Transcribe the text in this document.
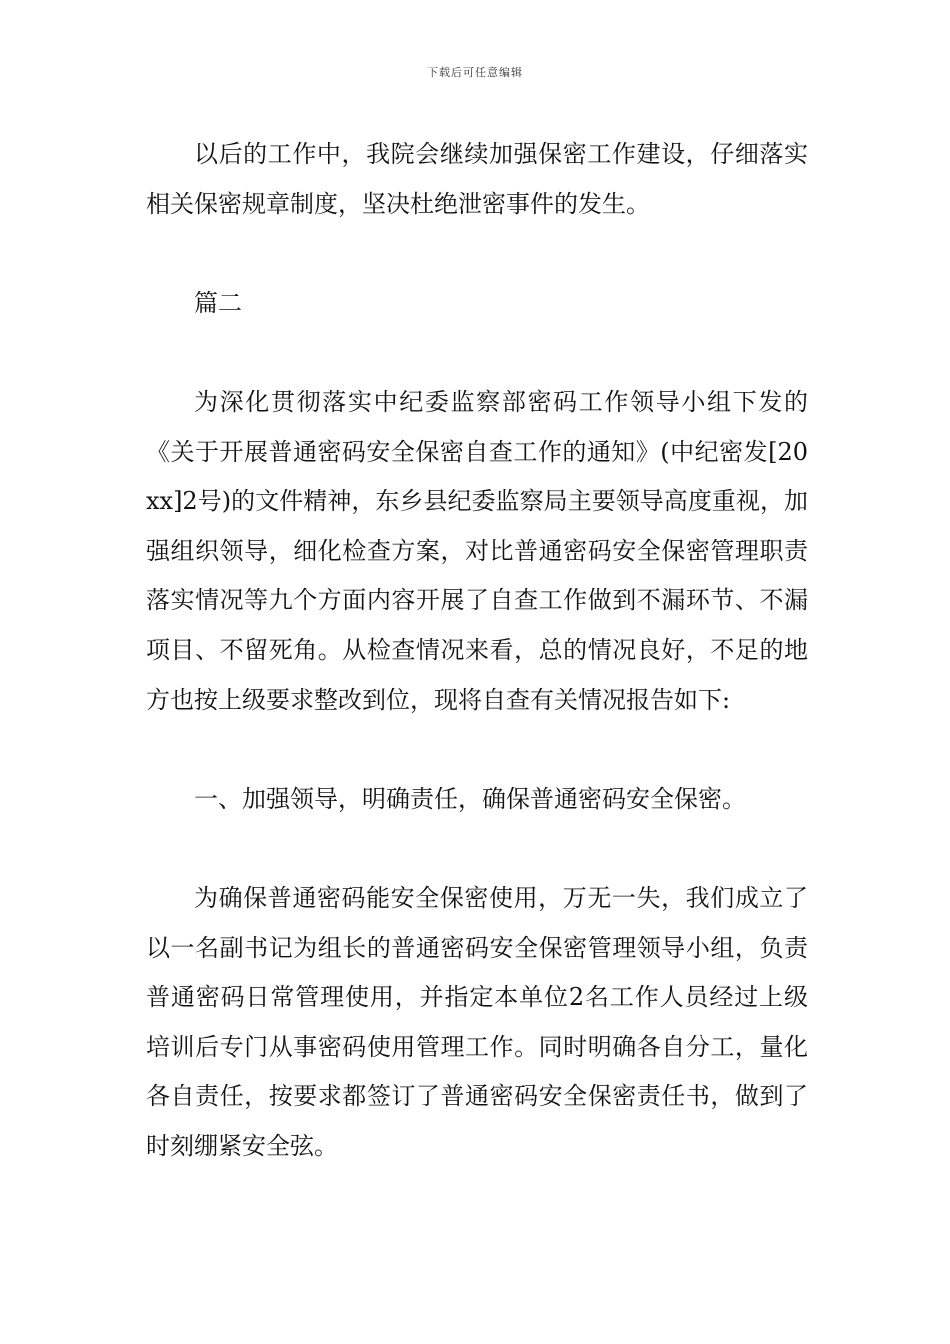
下载后可任意编辑

以后的工作中，我院会继续加强保密工作建设，仔细落实相关保密规章制度，坚决杜绝泄密事件的发生。

篇二

为深化贯彻落实中纪委监察部密码工作领导小组下发的《关于开展普通密码安全保密自查工作的通知》(中纪密发[20xx]2号)的文件精神，东乡县纪委监察局主要领导高度重视，加强组织领导，细化检查方案，对比普通密码安全保密管理职责落实情况等九个方面内容开展了自查工作做到不漏环节、不漏项目、不留死角。从检查情况来看，总的情况良好，不足的地方也按上级要求整改到位，现将自查有关情况报告如下:

一、加强领导，明确责任，确保普通密码安全保密。

为确保普通密码能安全保密使用，万无一失，我们成立了以一名副书记为组长的普通密码安全保密管理领导小组，负责普通密码日常管理使用，并指定本单位2名工作人员经过上级培训后专门从事密码使用管理工作。同时明确各自分工，量化各自责任，按要求都签订了普通密码安全保密责任书，做到了时刻绷紧安全弦。
